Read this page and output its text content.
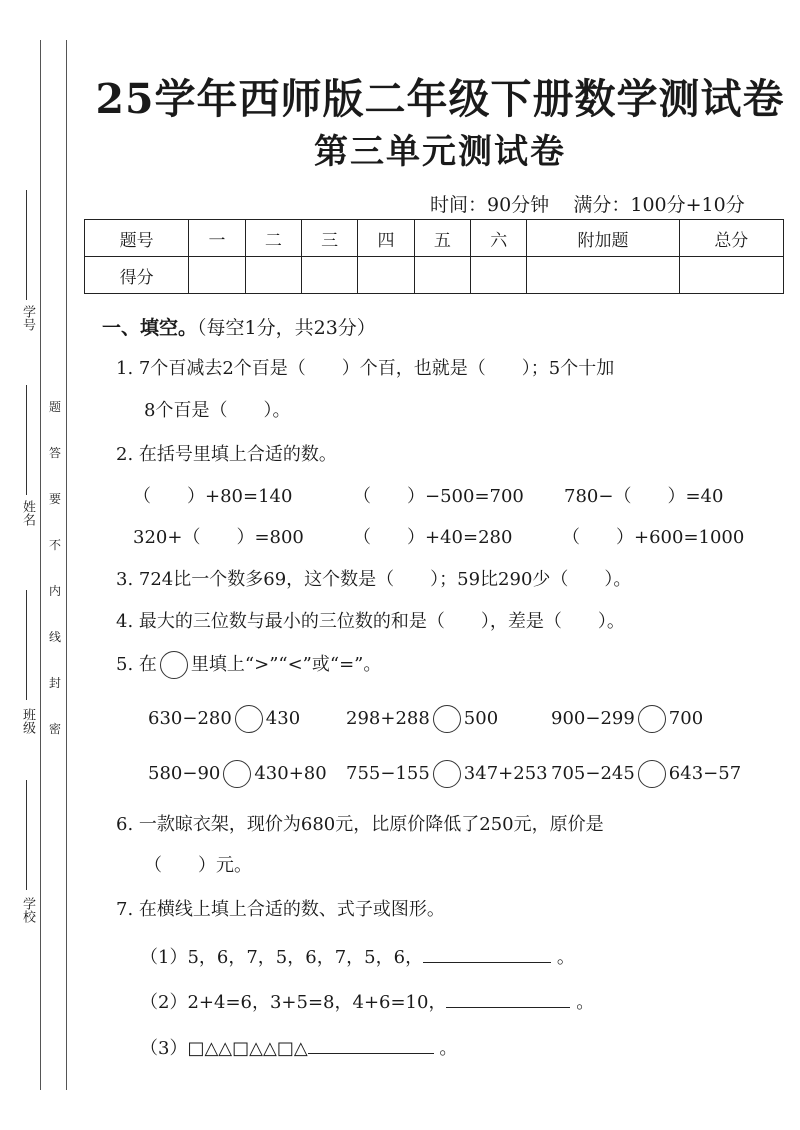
学号
姓名
班级
学校
题
答
要
不
内
线
封
密
25学年西师版二年级下册数学测试卷
第三单元测试卷
时间：90分钟 满分：100分+10分
题号	一	二	三	四	五	六	附加题	总分
得分								
一、填空。（每空1分，共23分）
1. 7个百减去2个百是（　　）个百，也就是（　　）；5个十加
8个百是（　　）。
2. 在括号里填上合适的数。
（　　）+80=140	（　　）−500=700 780−（　　）=40
320+（　　）=800	（　　）+40=280	（　　）+600=1000
3. 724比一个数多69，这个数是（　　）；59比290少（　　）。
4. 最大的三位数与最小的三位数的和是（　　），差是（　　）。
5. 在 里填上“>”“<”或“=”。
630−280 430	298+288 500	900−299 700
580−90 430+80 755−155 347+253 705−245 643−57
6. 一款晾衣架，现价为680元，比原价降低了250元，原价是
（　　）元。
7. 在横线上填上合适的数、式子或图形。
（1）5，6，7，5，6，7，5，6，	。
（2）2+4=6，3+5=8，4+6=10，	。
（3）□△△□△△□△	。
